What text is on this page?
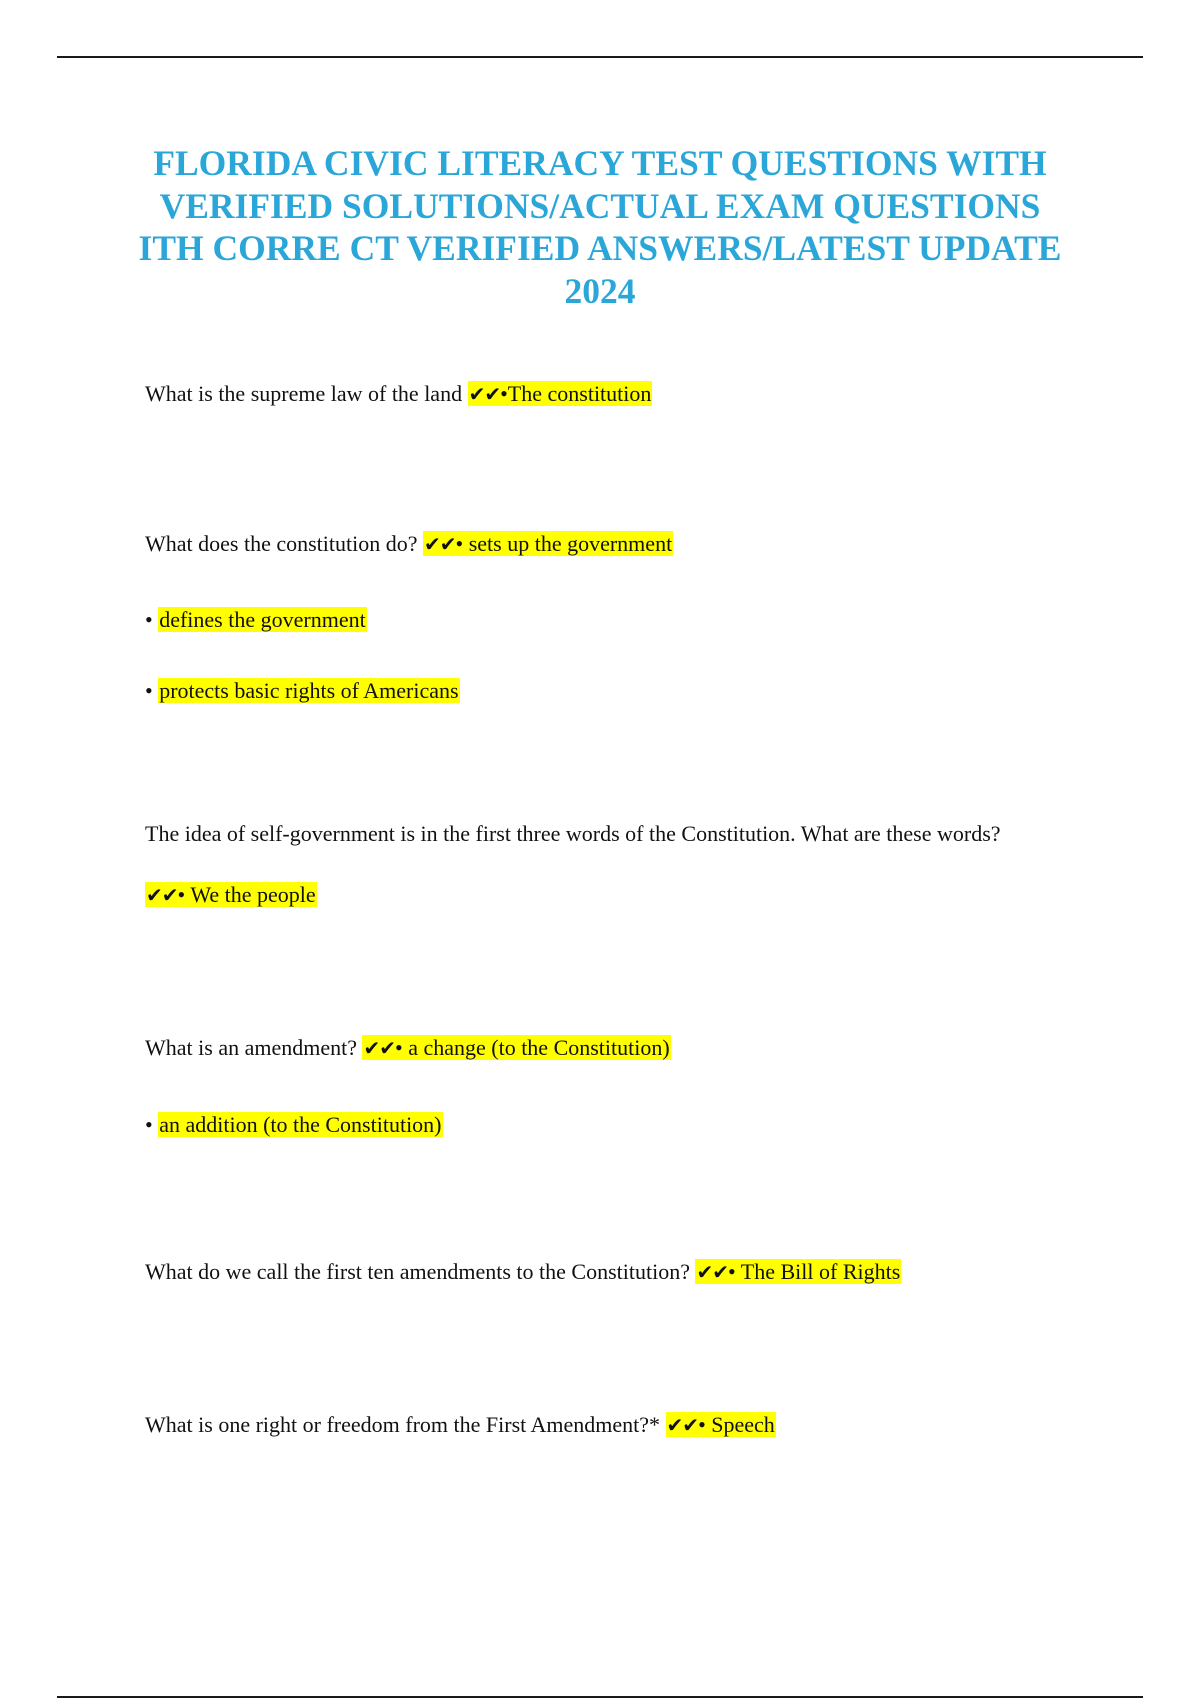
FLORIDA CIVIC LITERACY TEST QUESTIONS WITH
VERIFIED SOLUTIONS/ACTUAL EXAM QUESTIONS
ITH CORRE CT VERIFIED ANSWERS/LATEST UPDATE
2024

What is the supreme law of the land ✔✔•The constitution

What does the constitution do? ✔✔• sets up the government

• defines the government

• protects basic rights of Americans

The idea of self-government is in the first three words of the Constitution. What are these words?

✔✔• We the people

What is an amendment? ✔✔• a change (to the Constitution)

• an addition (to the Constitution)

What do we call the first ten amendments to the Constitution? ✔✔• The Bill of Rights

What is one right or freedom from the First Amendment?* ✔✔• Speech
